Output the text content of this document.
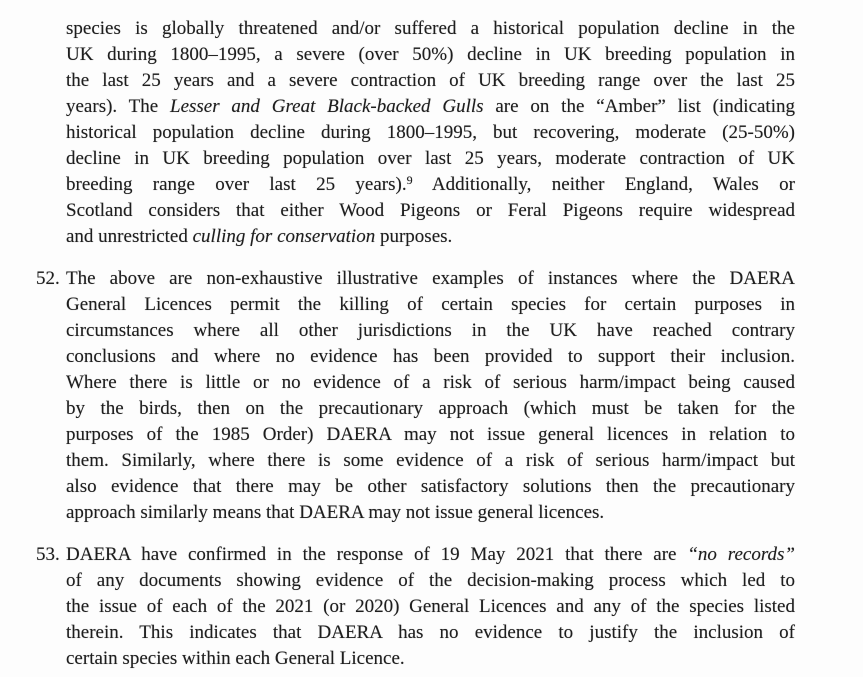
species is globally threatened and/or suffered a historical population decline in the
UK during 1800–1995, a severe (over 50%) decline in UK breeding population in
the last 25 years and a severe contraction of UK breeding range over the last 25
years). The Lesser and Great Black-backed Gulls are on the “Amber” list (indicating
historical population decline during 1800–1995, but recovering, moderate (25-50%)
decline in UK breeding population over last 25 years, moderate contraction of UK
breeding range over last 25 years).$^9$ Additionally, neither England, Wales or
Scotland considers that either Wood Pigeons or Feral Pigeons require widespread
and unrestricted culling for conservation purposes.
52. The above are non-exhaustive illustrative examples of instances where the DAERA
General Licences permit the killing of certain species for certain purposes in
circumstances where all other jurisdictions in the UK have reached contrary
conclusions and where no evidence has been provided to support their inclusion.
Where there is little or no evidence of a risk of serious harm/impact being caused
by the birds, then on the precautionary approach (which must be taken for the
purposes of the 1985 Order) DAERA may not issue general licences in relation to
them. Similarly, where there is some evidence of a risk of serious harm/impact but
also evidence that there may be other satisfactory solutions then the precautionary
approach similarly means that DAERA may not issue general licences.
53. DAERA have confirmed in the response of 19 May 2021 that there are “no records”
of any documents showing evidence of the decision-making process which led to
the issue of each of the 2021 (or 2020) General Licences and any of the species listed
therein. This indicates that DAERA has no evidence to justify the inclusion of
certain species within each General Licence.
